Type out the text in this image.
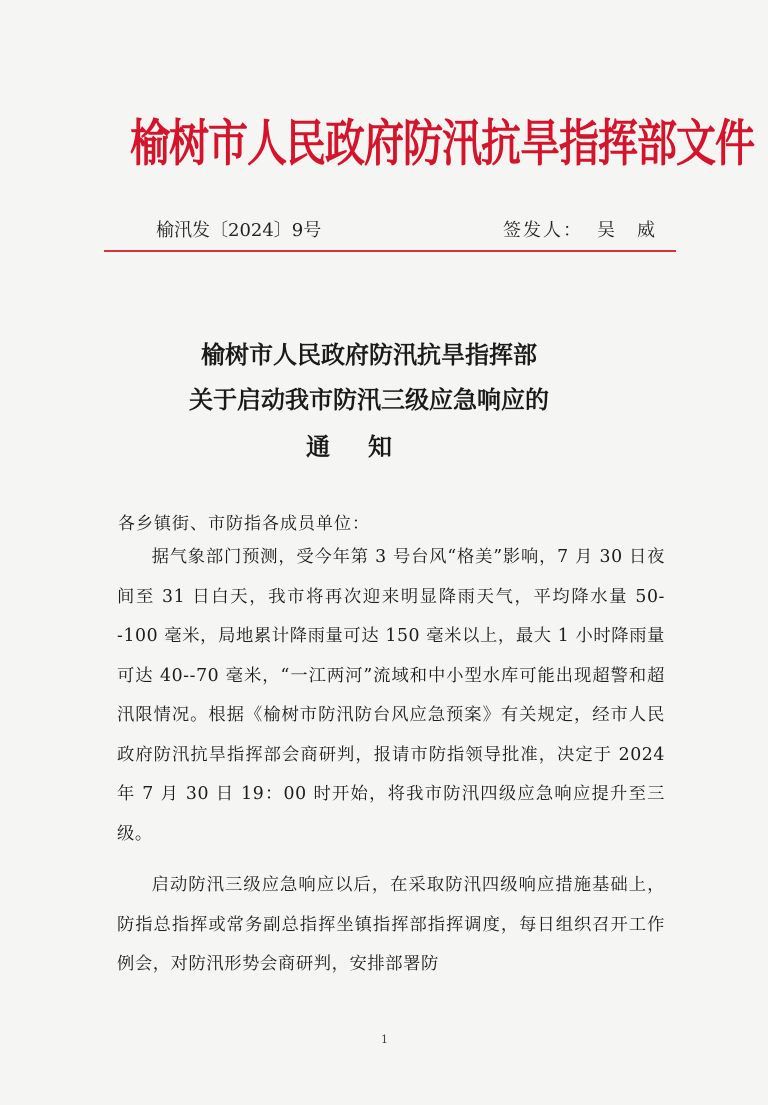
榆树市人民政府防汛抗旱指挥部文件
榆汛发〔2024〕9号	签发人： 吴威
榆树市人民政府防汛抗旱指挥部
关于启动我市防汛三级应急响应的
通知
各乡镇街、市防指各成员单位：
据气象部门预测，受今年第 3 号台风“格美”影响，7 月 30 日夜间至 31 日白天，我市将再次迎来明显降雨天气，平均降水量 50--100 毫米，局地累计降雨量可达 150 毫米以上，最大 1 小时降雨量可达 40--70 毫米，“一江两河”流域和中小型水库可能出现超警和超汛限情况。根据《榆树市防汛防台风应急预案》有关规定，经市人民政府防汛抗旱指挥部会商研判，报请市防指领导批准，决定于 2024 年 7 月 30 日 19：00 时开始，将我市防汛四级应急响应提升至三级。
启动防汛三级应急响应以后，在采取防汛四级响应措施基础上，防指总指挥或常务副总指挥坐镇指挥部指挥调度，每日组织召开工作例会，对防汛形势会商研判，安排部署防
1
